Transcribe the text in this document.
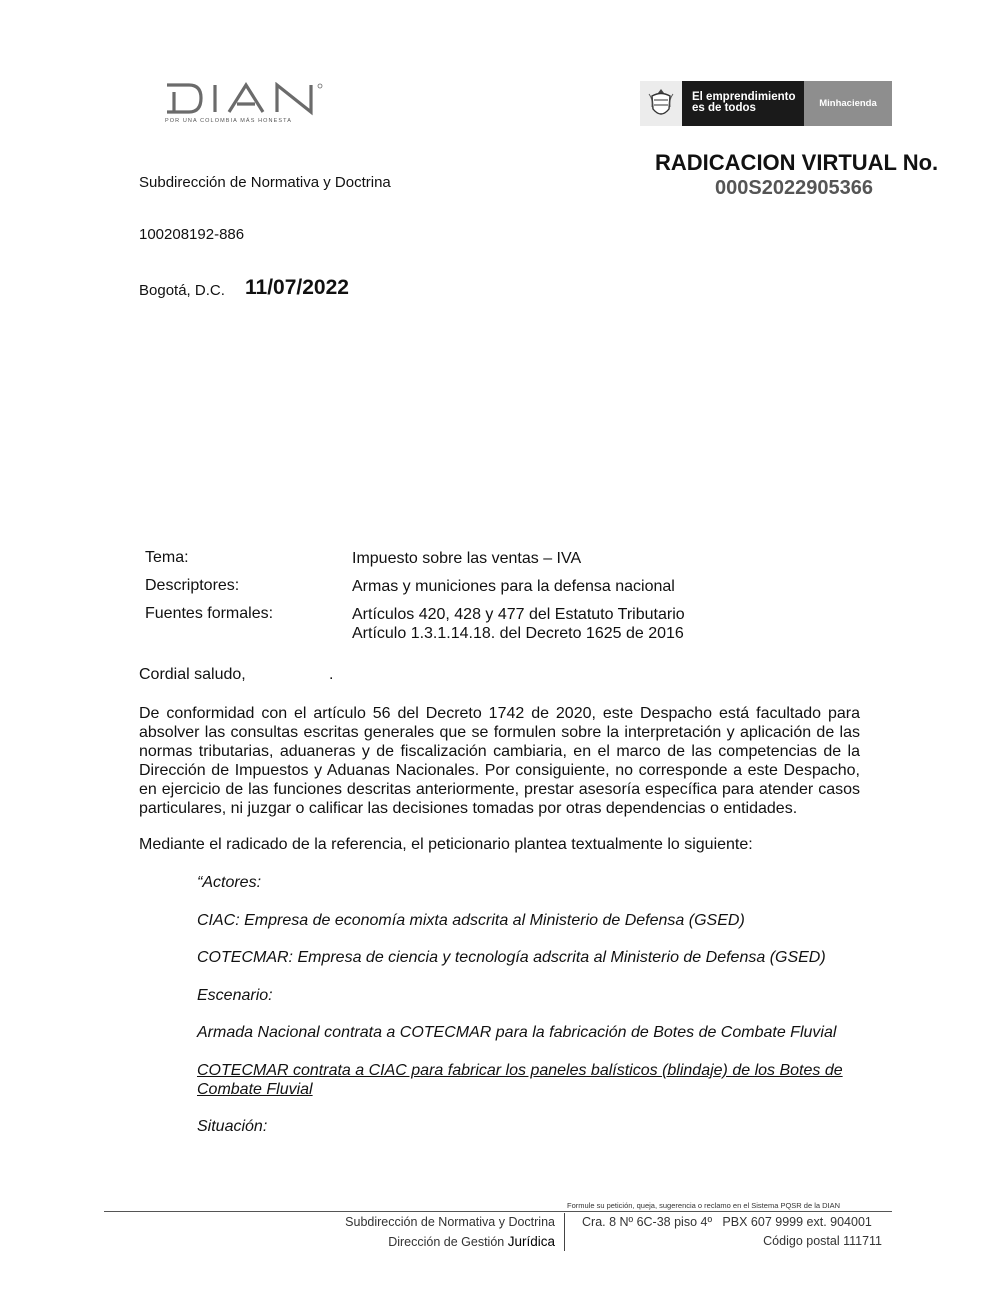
POR UNA COLOMBIA MÁS HONESTA
El emprendimiento
es de todos	Minhacienda
RADICACION VIRTUAL No.
000S2022905366
Subdirección de Normativa y Doctrina
100208192-886
Bogotá, D.C. 11/07/2022
Tema:	Impuesto sobre las ventas – IVA
Descriptores:	Armas y municiones para la defensa nacional
Fuentes formales:	Artículos 420, 428 y 477 del Estatuto Tributario
Artículo 1.3.1.14.18. del Decreto 1625 de 2016
Cordial saludo,	.
De conformidad con el artículo 56 del Decreto 1742 de 2020, este Despacho está facultado para absolver las consultas escritas generales que se formulen sobre la interpretación y aplicación de las normas tributarias, aduaneras y de fiscalización cambiaria, en el marco de las competencias de la Dirección de Impuestos y Aduanas Nacionales. Por consiguiente, no corresponde a este Despacho, en ejercicio de las funciones descritas anteriormente, prestar asesoría específica para atender casos particulares, ni juzgar o calificar las decisiones tomadas por otras dependencias o entidades.
Mediante el radicado de la referencia, el peticionario plantea textualmente lo siguiente:
“Actores:
CIAC: Empresa de economía mixta adscrita al Ministerio de Defensa (GSED)
COTECMAR: Empresa de ciencia y tecnología adscrita al Ministerio de Defensa (GSED)
Escenario:
Armada Nacional contrata a COTECMAR para la fabricación de Botes de Combate Fluvial
COTECMAR contrata a CIAC para fabricar los paneles balísticos (blindaje) de los Botes de Combate Fluvial
Situación:
Formule su petición, queja, sugerencia o reclamo en el Sistema PQSR de la DIAN
Subdirección de Normativa y Doctrina
Dirección de Gestión Jurídica
Cra. 8 Nº 6C-38 piso 4º   PBX 607 9999 ext. 904001
Código postal 111711
